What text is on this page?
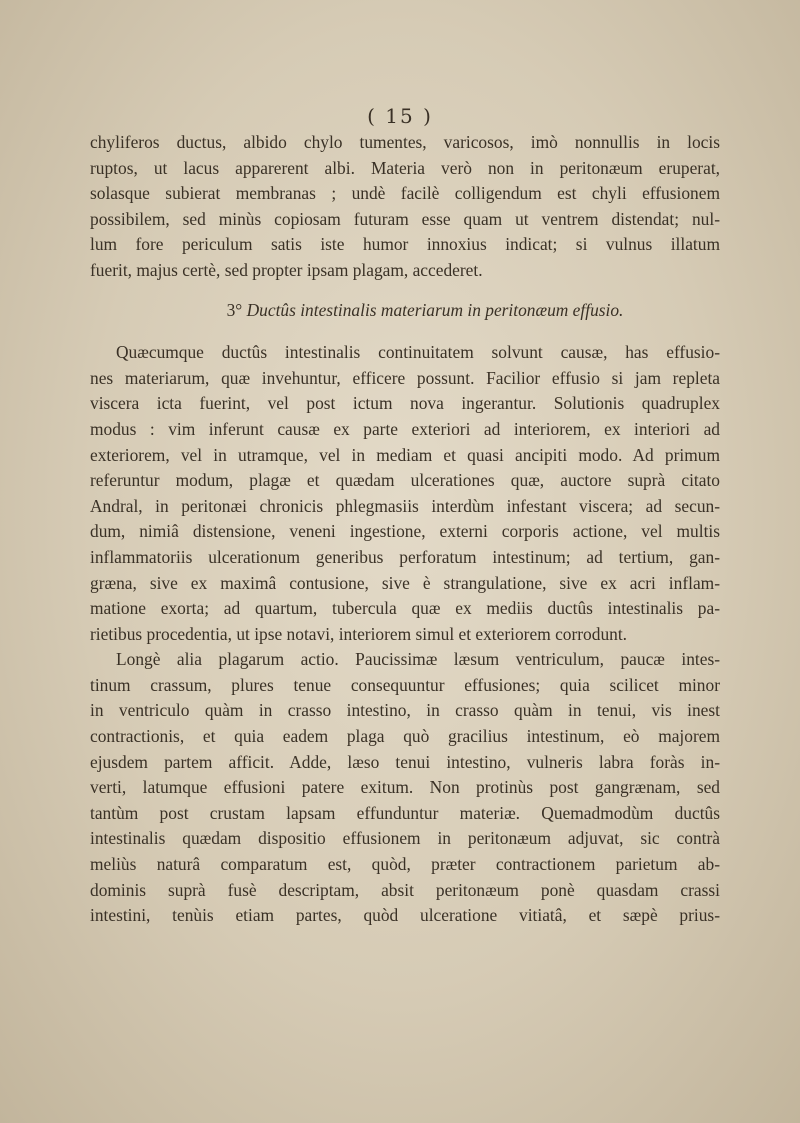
( 15 )
chyliferos ductus, albido chylo tumentes, varicosos, imò nonnullis in locis
ruptos, ut lacus apparerent albi. Materia verò non in peritonæum eruperat,
solasque subierat membranas ; undè facilè colligendum est chyli effusionem
possibilem, sed minùs copiosam futuram esse quam ut ventrem distendat; nul-
lum fore periculum satis iste humor innoxius indicat; si vulnus illatum
fuerit, majus certè, sed propter ipsam plagam, accederet.
3° Ductûs intestinalis materiarum in peritonæum effusio.
Quæcumque ductûs intestinalis continuitatem solvunt causæ, has effusio-
nes materiarum, quæ invehuntur, efficere possunt. Facilior effusio si jam repleta
viscera icta fuerint, vel post ictum nova ingerantur. Solutionis quadruplex
modus : vim inferunt causæ ex parte exteriori ad interiorem, ex interiori ad
exteriorem, vel in utramque, vel in mediam et quasi ancipiti modo. Ad primum
referuntur modum, plagæ et quædam ulcerationes quæ, auctore suprà citato
Andral, in peritonæi chronicis phlegmasiis interdùm infestant viscera; ad secun-
dum, nimiâ distensione, veneni ingestione, externi corporis actione, vel multis
inflammatoriis ulcerationum generibus perforatum intestinum; ad tertium, gan-
græna, sive ex maximâ contusione, sive è strangulatione, sive ex acri inflam-
matione exorta; ad quartum, tubercula quæ ex mediis ductûs intestinalis pa-
rietibus procedentia, ut ipse notavi, interiorem simul et exteriorem corrodunt.
Longè alia plagarum actio. Paucissimæ læsum ventriculum, paucæ intes-
tinum crassum, plures tenue consequuntur effusiones; quia scilicet minor
in ventriculo quàm in crasso intestino, in crasso quàm in tenui, vis inest
contractionis, et quia eadem plaga quò gracilius intestinum, eò majorem
ejusdem partem afficit. Adde, læso tenui intestino, vulneris labra foràs in-
verti, latumque effusioni patere exitum. Non protinùs post gangrænam, sed
tantùm post crustam lapsam effunduntur materiæ. Quemadmodùm ductûs
intestinalis quædam dispositio effusionem in peritonæum adjuvat, sic contrà
meliùs naturâ comparatum est, quòd, præter contractionem parietum ab-
dominis suprà fusè descriptam, absit peritonæum ponè quasdam crassi
intestini, tenùis etiam partes, quòd ulceratione vitiatâ, et sæpè prius-
